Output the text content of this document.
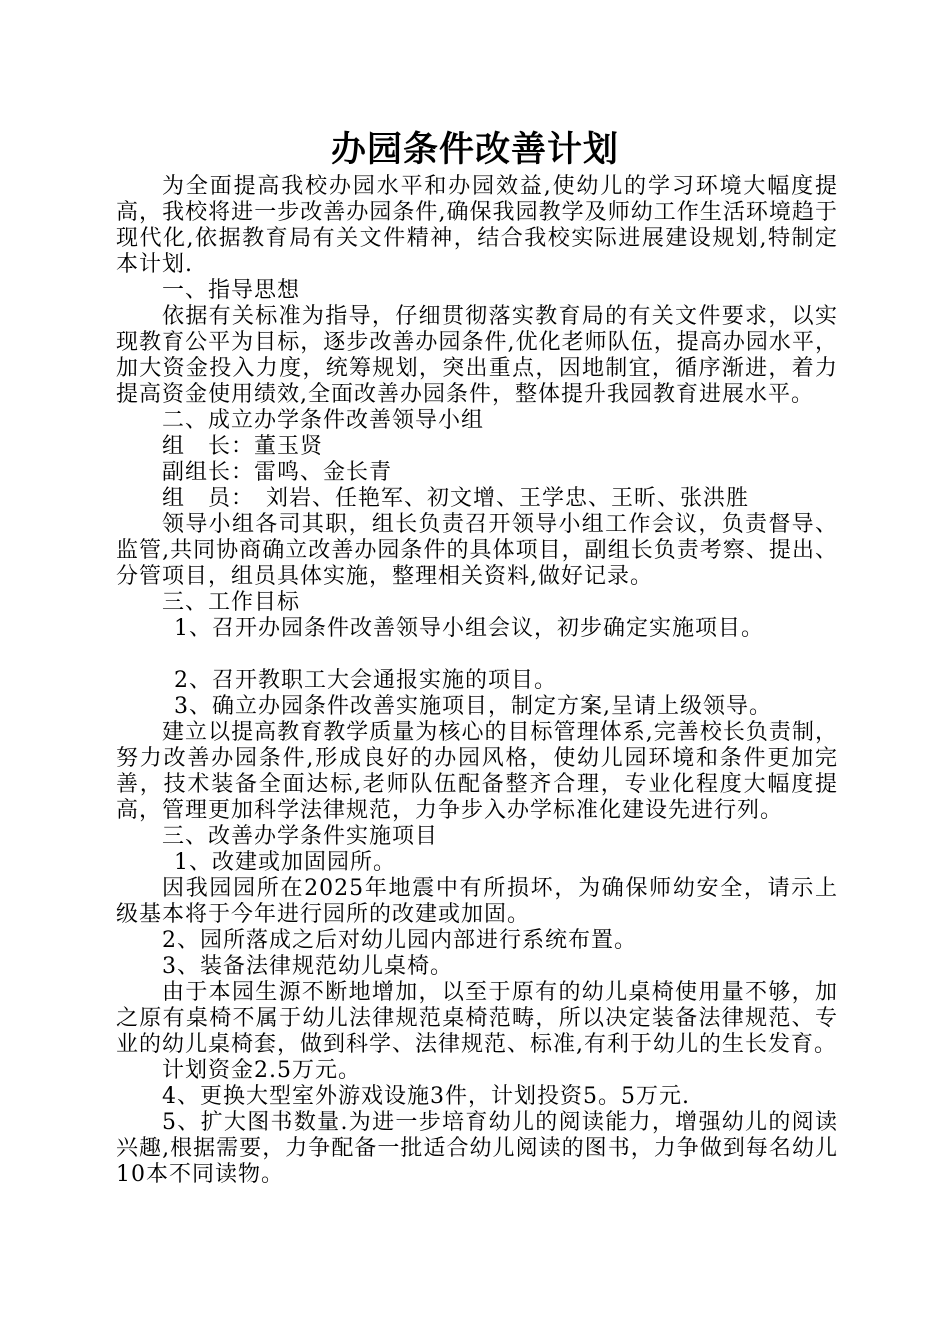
办园条件改善计划

为全面提高我校办园水平和办园效益,使幼儿的学习环境大幅度提高，我校将进一步改善办园条件,确保我园教学及师幼工作生活环境趋于现代化,依据教育局有关文件精神，结合我校实际进展建设规划,特制定本计划.

一、指导思想

依据有关标准为指导，仔细贯彻落实教育局的有关文件要求，以实现教育公平为目标，逐步改善办园条件,优化老师队伍，提高办园水平，加大资金投入力度，统筹规划，突出重点，因地制宜，循序渐进，着力提高资金使用绩效,全面改善办园条件，整体提升我园教育进展水平。

二、成立办学条件改善领导小组

组　长：董玉贤

副组长：雷鸣、金长青

组　员：　刘岩、任艳军、初文增、王学忠、王昕、张洪胜

领导小组各司其职，组长负责召开领导小组工作会议，负责督导、监管,共同协商确立改善办园条件的具体项目，副组长负责考察、提出、分管项目，组员具体实施，整理相关资料,做好记录。

三、工作目标

1、召开办园条件改善领导小组会议，初步确定实施项目。

2、召开教职工大会通报实施的项目。

3、确立办园条件改善实施项目，制定方案,呈请上级领导。

建立以提高教育教学质量为核心的目标管理体系,完善校长负责制，努力改善办园条件,形成良好的办园风格，使幼儿园环境和条件更加完善，技术装备全面达标,老师队伍配备整齐合理，专业化程度大幅度提高，管理更加科学法律规范，力争步入办学标准化建设先进行列。

三、改善办学条件实施项目

1、改建或加固园所。

因我园园所在2025年地震中有所损坏，为确保师幼安全，请示上级基本将于今年进行园所的改建或加固。

2、园所落成之后对幼儿园内部进行系统布置。

3、装备法律规范幼儿桌椅。

由于本园生源不断地增加，以至于原有的幼儿桌椅使用量不够，加之原有桌椅不属于幼儿法律规范桌椅范畴，所以决定装备法律规范、专业的幼儿桌椅套，做到科学、法律规范、标准,有利于幼儿的生长发育。

计划资金2.5万元。

4、更换大型室外游戏设施3件，计划投资5。5万元.

5、扩大图书数量.为进一步培育幼儿的阅读能力，增强幼儿的阅读兴趣,根据需要，力争配备一批适合幼儿阅读的图书，力争做到每名幼儿10本不同读物。
